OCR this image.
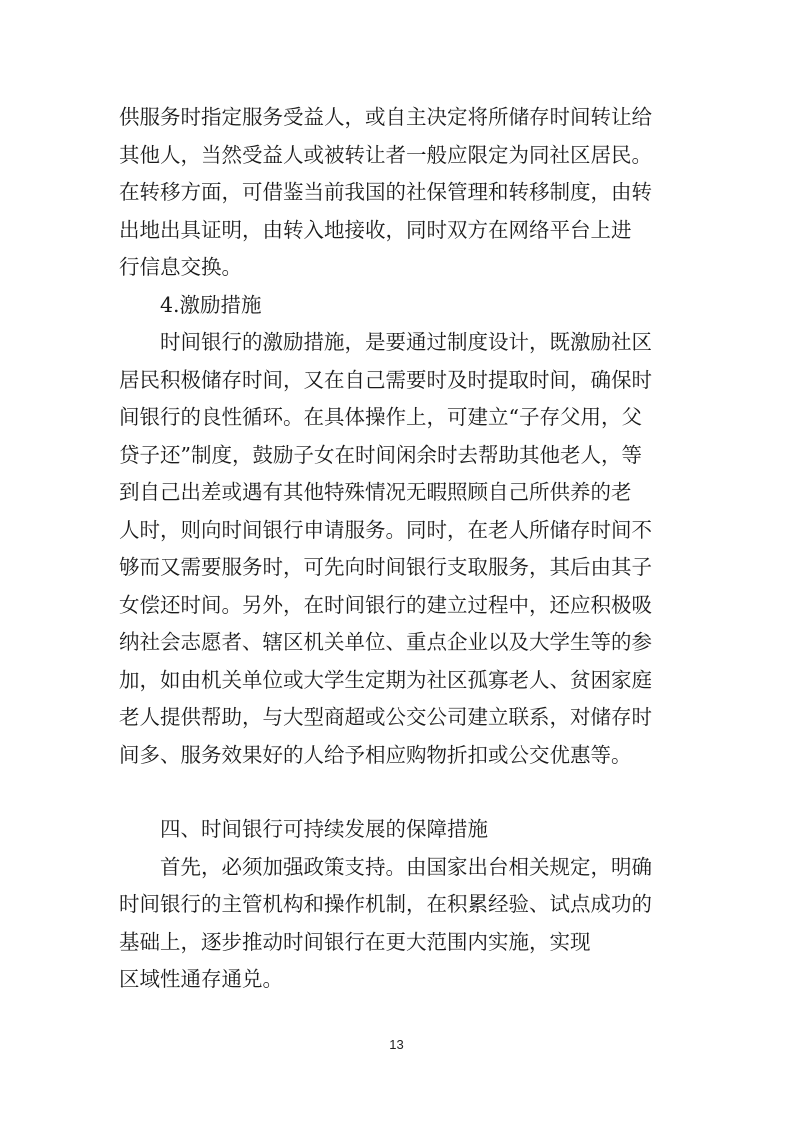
供服务时指定服务受益人，或自主决定将所储存时间转让给

其他人，当然受益人或被转让者一般应限定为同社区居民。

在转移方面，可借鉴当前我国的社保管理和转移制度，由转

出地出具证明，由转入地接收，同时双方在网络平台上进

行信息交换。

4.激励措施

时间银行的激励措施，是要通过制度设计，既激励社区

居民积极储存时间，又在自己需要时及时提取时间，确保时

间银行的良性循环。在具体操作上，可建立“子存父用，父

贷子还”制度，鼓励子女在时间闲余时去帮助其他老人，等

到自己出差或遇有其他特殊情况无暇照顾自己所供养的老

人时，则向时间银行申请服务。同时，在老人所储存时间不

够而又需要服务时，可先向时间银行支取服务，其后由其子

女偿还时间。另外，在时间银行的建立过程中，还应积极吸

纳社会志愿者、辖区机关单位、重点企业以及大学生等的参

加，如由机关单位或大学生定期为社区孤寡老人、贫困家庭

老人提供帮助，与大型商超或公交公司建立联系，对储存时

间多、服务效果好的人给予相应购物折扣或公交优惠等。

四、时间银行可持续发展的保障措施

首先，必须加强政策支持。由国家出台相关规定，明确

时间银行的主管机构和操作机制，在积累经验、试点成功的

基础上，逐步推动时间银行在更大范围内实施，实现

区域性通存通兑。

13
